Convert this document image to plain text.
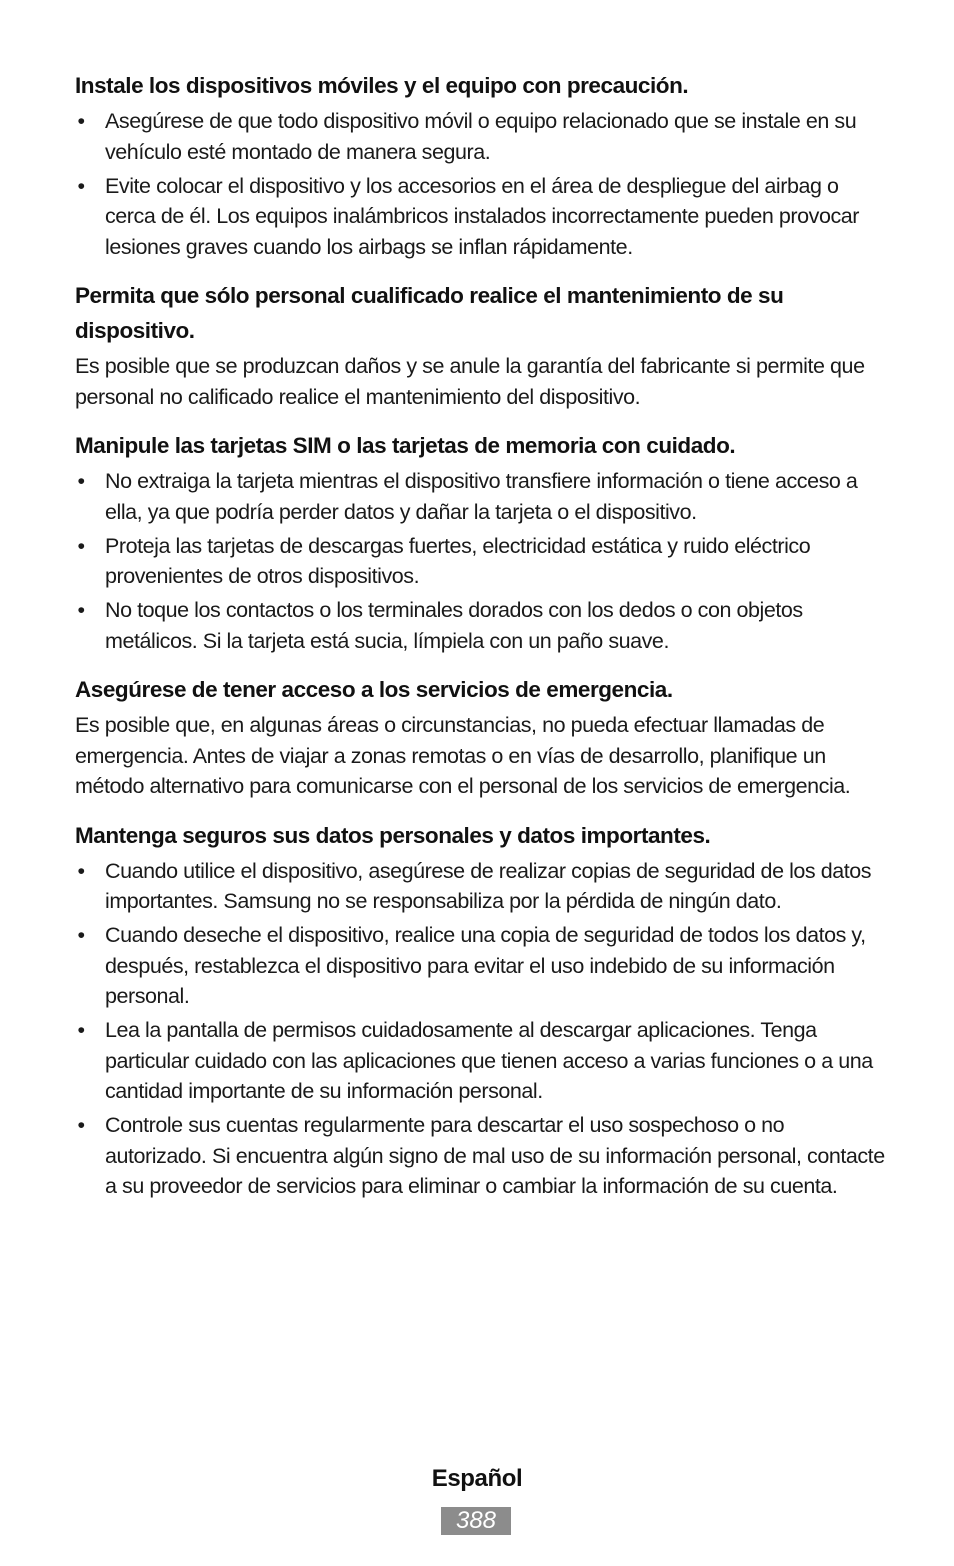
Instale los dispositivos móviles y el equipo con precaución.
• Asegúrese de que todo dispositivo móvil o equipo relacionado que se instale en su vehículo esté montado de manera segura.
• Evite colocar el dispositivo y los accesorios en el área de despliegue del airbag o cerca de él. Los equipos inalámbricos instalados incorrectamente pueden provocar lesiones graves cuando los airbags se inflan rápidamente.
Permita que sólo personal cualificado realice el mantenimiento de su dispositivo.

Es posible que se produzcan daños y se anule la garantía del fabricante si permite que personal no calificado realice el mantenimiento del dispositivo.

Manipule las tarjetas SIM o las tarjetas de memoria con cuidado.
• No extraiga la tarjeta mientras el dispositivo transfiere información o tiene acceso a ella, ya que podría perder datos y dañar la tarjeta o el dispositivo.
• Proteja las tarjetas de descargas fuertes, electricidad estática y ruido eléctrico provenientes de otros dispositivos.
• No toque los contactos o los terminales dorados con los dedos o con objetos metálicos. Si la tarjeta está sucia, límpiela con un paño suave.
Asegúrese de tener acceso a los servicios de emergencia.

Es posible que, en algunas áreas o circunstancias, no pueda efectuar llamadas de emergencia. Antes de viajar a zonas remotas o en vías de desarrollo, planifique un método alternativo para comunicarse con el personal de los servicios de emergencia.

Mantenga seguros sus datos personales y datos importantes.
• Cuando utilice el dispositivo, asegúrese de realizar copias de seguridad de los datos importantes. Samsung no se responsabiliza por la pérdida de ningún dato.
• Cuando deseche el dispositivo, realice una copia de seguridad de todos los datos y, después, restablezca el dispositivo para evitar el uso indebido de su información personal.
• Lea la pantalla de permisos cuidadosamente al descargar aplicaciones. Tenga particular cuidado con las aplicaciones que tienen acceso a varias funciones o a una cantidad importante de su información personal.
• Controle sus cuentas regularmente para descartar el uso sospechoso o no autorizado. Si encuentra algún signo de mal uso de su información personal, contacte a su proveedor de servicios para eliminar o cambiar la información de su cuenta.
Español
388
